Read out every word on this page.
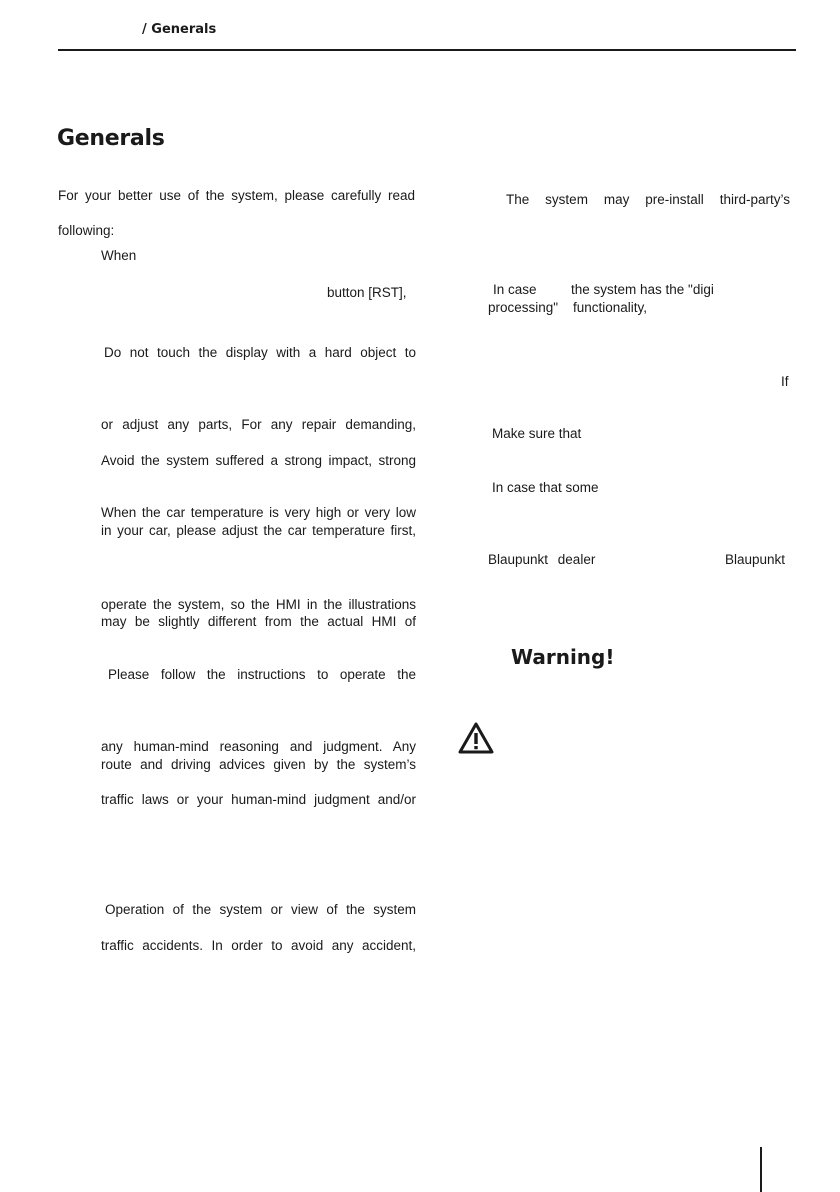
/ Generals
Generals
For your better use of the system, please carefully read
following:
When
button [RST],
Do not touch the display with a hard object to
or adjust any parts, For any repair demanding,
Avoid the system suffered a strong impact, strong
When the car temperature is very high or very low
in your car, please adjust the car temperature first,
operate the system, so the HMI in the illustrations
may be slightly different from the actual HMI of
Please follow the instructions to operate the
any human-mind reasoning and judgment. Any
route and driving advices given by the system’s
traffic laws or your human-mind judgment and/or
Operation of the system or view of the system
traffic accidents. In order to avoid any accident,
The system may pre-install third-party’s
In case	the system has the "digi
processing" functionality,
If
Make sure that
In case that some
Blaupunkt dealer	Blaupunkt
Warning!
